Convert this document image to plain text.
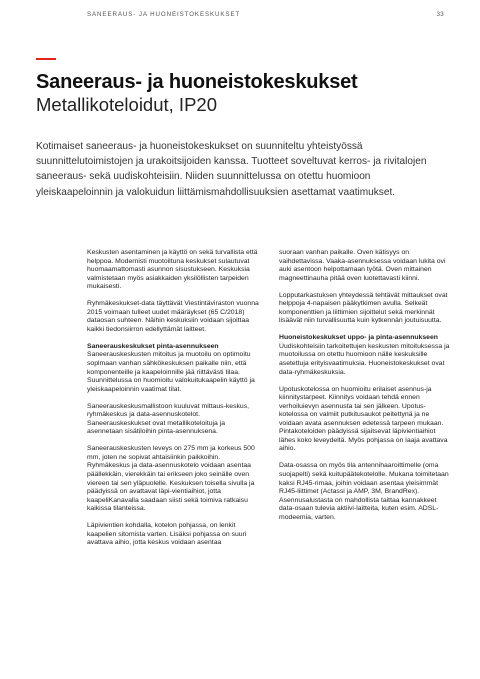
SANEERAUS- JA HUONEISTOKESKUKSET	33
Saneeraus- ja huoneistokeskukset
Metallikoteloidut, IP20
Kotimaiset saneeraus- ja huoneistokeskukset on suunniteltu yhteistyössä suunnittelutoimistojen ja urakoitsijoiden kanssa. Tuotteet soveltuvat kerros- ja rivitalojen saneeraus- sekä uudiskohteisiin. Niiden suunnittelussa on otettu huomioon yleiskaapeloinnin ja valokuidun liittämismahdollisuuksien asettamat vaatimukset.

Keskusten asentaminen ja käyttö on sekä turvallista että helppoa. Modernisti muotoiltuna keskukset sulautuvat huomaamattomasti asunnon sisustukseen. Keskuksia valmistetaan myös asiakkaiden yksilöllisten tarpeiden mukaisesti.

Ryhmäkeskukset-data täyttävät Viestintäviraston vuonna 2015 voimaan tulleet uudet määräykset (65 C/2018) dataosan suhteen. Näihin keskuksiin voidaan sijoittaa kaikki tiedonsiirron edellyttämät laitteet.

Saneerauskeskukset pinta-asennukseen
Saneerauskeskusten mitoitus ja muotoilu on optimoitu soplmaan vanhan sähkökeskuksen paikalle niin, että komponenteille ja kaapeloinnille jää riittävästi tilaa. Suunnittelussa on huomioitu valokuitukaapelin käyttö ja yleiskaapeloinnin vaatimat tilat.

Saneerauskeskusmallistoon kuuluvat mittaus-keskus, ryhmäkeskus ja data-asennuskotelot. Saneerauskeskukset ovat metallikoteloituja ja asennetaan sisätiloihin pinta-asennuksena.

Saneerauskeskusten leveys on 275 mm ja korkeus 500 mm, joten ne sopivat ahtaisiinkin paikkoihin. Ryhmäkeskus ja data-asennuskotelo voidaan asentaa päällekkäin, vierekkäin tai erikseen joko seinälle oven viereen tai sen yläpuolelle. Keskuksen toisella sivulla ja päädyissä on avattavat läpi-vientiaihiot, jotta kaapeliKanavalla saadaan siisti sekä toimiva ratkaisu kaikissa tilanteissa.

Läpivientien kohdalla, kotelon pohjassa, on lenkit kaapelien sitomista varten. Lisäksi pohjassa on suuri avattava aihio, jotta keskus voidaan asentaa

suoraan vanhan paikalle. Oven kätisyys on vaihdettavissa. Vaaka-asennuksessa voidaan lukita ovi auki asentoon helpottamaan työtä. Oven mittainen magneettinauha pitää oven luotettavasti kiinni.

Lopputarkastuksen yhteydessä tehtävät mittaukset ovat helppoja 4-napaisen pääkytkimen avulla. Selkeät komponenttien ja liittimien sijoittelut sekä merkinnät lisäävät niin turvallisuutta kuin kytkennän joutuisuutta.

Huoneistokeskukset uppo- ja pinta-asennukseen
Uudiskohteisiin tarkoitettujen keskusten mitoituksessa ja muotoilussa on otettu huomioon nälle keskuksille asetettuja erityisvaatimuksia. Huoneistokeskukset ovat data-ryhmäkeskuksia.

Upotuskotelossa on huomioitu erilaiset asennus-ja kiinnitystarpeet. Kiinnitys voidaan tehdä ennen verhoiluievyn asennusta tai sen jälkeen. Upotus-kotelossa on valmiit putkitusaukot peitettynä ja ne voidaan avata asennuksen edetessä tarpeen mukaan. Pintakoteloiden päädyissä sijaitsevat läpivientiaihiot lähes koko leveydeltä. Myös pohjassa on laaja avattava aihio.

Data-osassa on myös tila antennihaaroittimelle (oma suojapelti) sekä kuitupäätekotelolle. Mukana toimitetaan kaksi RJ45-rimaa, joihin voidaan asentaa yleisimmät RJ45-liittimet (Actassi ja AMP, 3M, BrandRex). Asennusalustasta on mahdollista taittaa kannakkeet data-osaan tulevia aktiivi-laitteita, kuten esim. ADSL-modeemia, varten.
